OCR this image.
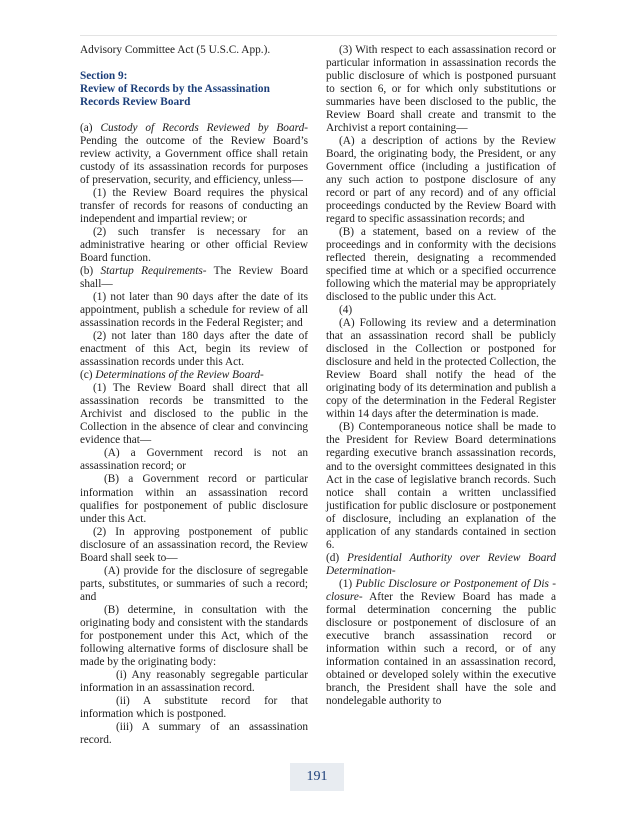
Advisory Committee Act (5 U.S.C. App.).

Section 9:

Review of Records by the Assassination Records Review Board

(a) Custody of Records Reviewed by Board- Pending the outcome of the Review Board’s review activity, a Government office shall retain custody of its assassination records for purposes of preservation, security, and efficiency, unless—

(1) the Review Board requires the physical transfer of records for reasons of conducting an independent and impartial review; or

(2) such transfer is necessary for an administrative hearing or other official Review Board function.

(b) Startup Requirements- The Review Board shall—

(1) not later than 90 days after the date of its appointment, publish a schedule for review of all assassination records in the Federal Register; and

(2) not later than 180 days after the date of enactment of this Act, begin its review of assassination records under this Act.

(c) Determinations of the Review Board-

(1) The Review Board shall direct that all assassination records be transmitted to the Archivist and disclosed to the public in the Collection in the absence of clear and convincing evidence that—

(A) a Government record is not an assassination record; or

(B) a Government record or particular information within an assassination record qualifies for postponement of public disclosure under this Act.

(2) In approving postponement of public disclosure of an assassination record, the Review Board shall seek to—

(A) provide for the disclosure of segregable parts, substitutes, or summaries of such a record; and

(B) determine, in consultation with the originating body and consistent with the standards for postponement under this Act, which of the following alternative forms of disclosure shall be made by the originating body:

(i) Any reasonably segregable particular information in an assassination record.

(ii) A substitute record for that information which is postponed.

(iii) A summary of an assassination record.

(3) With respect to each assassination record or particular information in assassination records the public disclosure of which is postponed pursuant to section 6, or for which only substitutions or summaries have been disclosed to the public, the Review Board shall create and transmit to the Archivist a report containing—

(A) a description of actions by the Review Board, the originating body, the President, or any Government office (including a justification of any such action to postpone disclosure of any record or part of any record) and of any official proceedings conducted by the Review Board with regard to specific assassination records; and

(B) a statement, based on a review of the proceedings and in conformity with the decisions reflected therein, designating a recommended specified time at which or a specified occurrence following which the material may be appropriately disclosed to the public under this Act.

(4)

(A) Following its review and a determination that an assassination record shall be publicly disclosed in the Collection or postponed for disclosure and held in the protected Collection, the Review Board shall notify the head of the originating body of its determination and publish a copy of the determination in the Federal Register within 14 days after the determination is made.

(B) Contemporaneous notice shall be made to the President for Review Board determinations regarding executive branch assassination records, and to the oversight committees designated in this Act in the case of legislative branch records. Such notice shall contain a written unclassified justification for public disclosure or postponement of disclosure, including an explanation of the application of any standards contained in section 6.

(d) Presidential Authority over Review Board Determination-

(1) Public Disclosure or Postponement of Dis - closure- After the Review Board has made a formal determination concerning the public disclosure or postponement of disclosure of an executive branch assassination record or information within such a record, or of any information contained in an assassination record, obtained or developed solely within the executive branch, the President shall have the sole and nondelegable authority to

191
